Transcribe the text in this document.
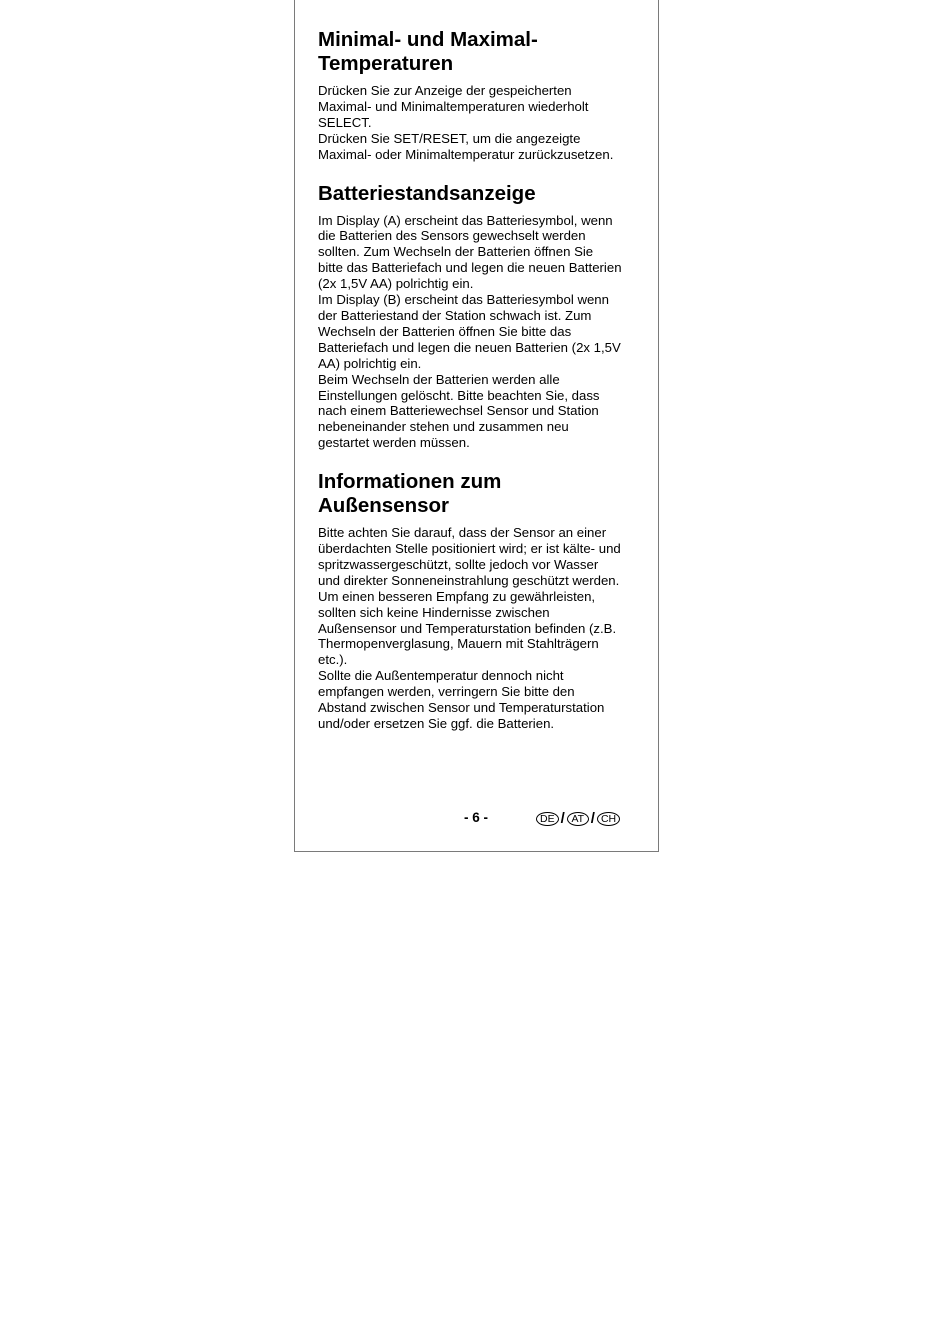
Minimal- und Maximal-
Temperaturen

Drücken Sie zur Anzeige der gespeicherten
Maximal- und Minimaltemperaturen wiederholt
SELECT.
Drücken Sie SET/RESET, um die angezeigte
Maximal- oder Minimaltemperatur zurückzusetzen.

Batteriestandsanzeige

Im Display (A) erscheint das Batteriesymbol, wenn
die Batterien des Sensors gewechselt werden
sollten. Zum Wechseln der Batterien öffnen Sie
bitte das Batteriefach und legen die neuen Batterien
(2x 1,5V AA) polrichtig ein.
Im Display (B) erscheint das Batteriesymbol wenn
der Batteriestand der Station schwach ist. Zum
Wechseln der Batterien öffnen Sie bitte das
Batteriefach und legen die neuen Batterien (2x 1,5V
AA) polrichtig ein.
Beim Wechseln der Batterien werden alle
Einstellungen gelöscht. Bitte beachten Sie, dass
nach einem Batteriewechsel Sensor und Station
nebeneinander stehen und zusammen neu
gestartet werden müssen.

Informationen zum
Außensensor

Bitte achten Sie darauf, dass der Sensor an einer
überdachten Stelle positioniert wird; er ist kälte- und
spritzwassergeschützt, sollte jedoch vor Wasser
und direkter Sonneneinstrahlung geschützt werden.
Um einen besseren Empfang zu gewährleisten,
sollten sich keine Hindernisse zwischen
Außensensor und Temperaturstation befinden (z.B.
Thermopenverglasung, Mauern mit Stahlträgern
etc.).
Sollte die Außentemperatur dennoch nicht
empfangen werden, verringern Sie bitte den
Abstand zwischen Sensor und Temperaturstation
und/oder ersetzen Sie ggf. die Batterien.

- 6 -	DE / AT / CH
